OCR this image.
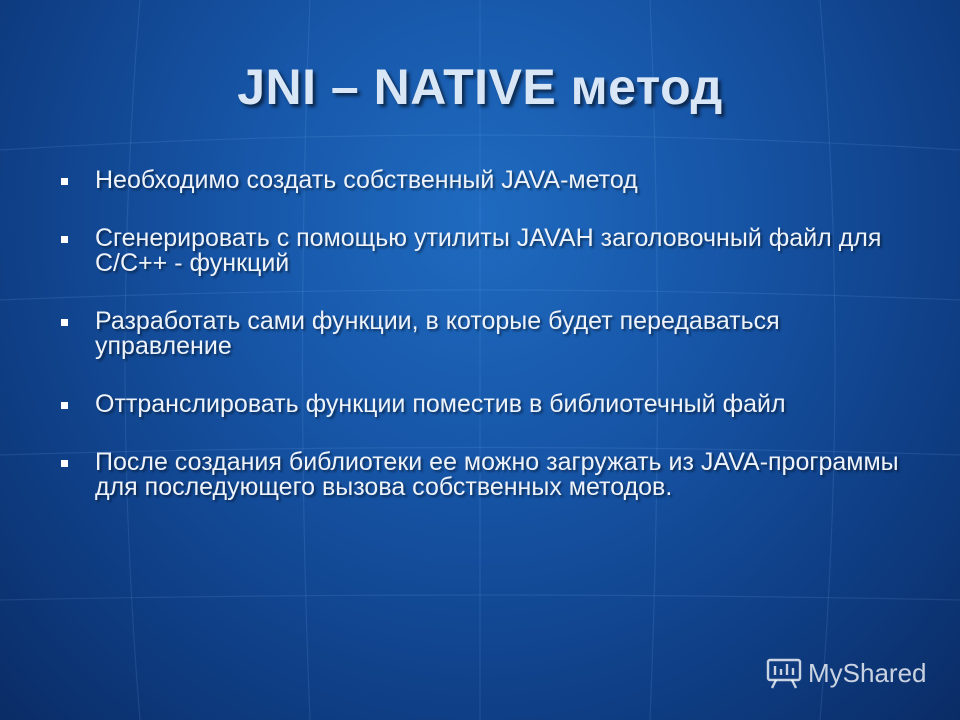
JNI – NATIVE метод
Необходимо создать собственный JAVA-метод
Сгенерировать с помощью утилиты JAVAH заголовочный файл для C/C++ - функций
Разработать сами функции, в которые будет передаваться управление
Оттранслировать функции поместив в библиотечный файл
После создания библиотеки ее можно загружать из JAVA-программы для последующего вызова собственных методов.
MyShared
